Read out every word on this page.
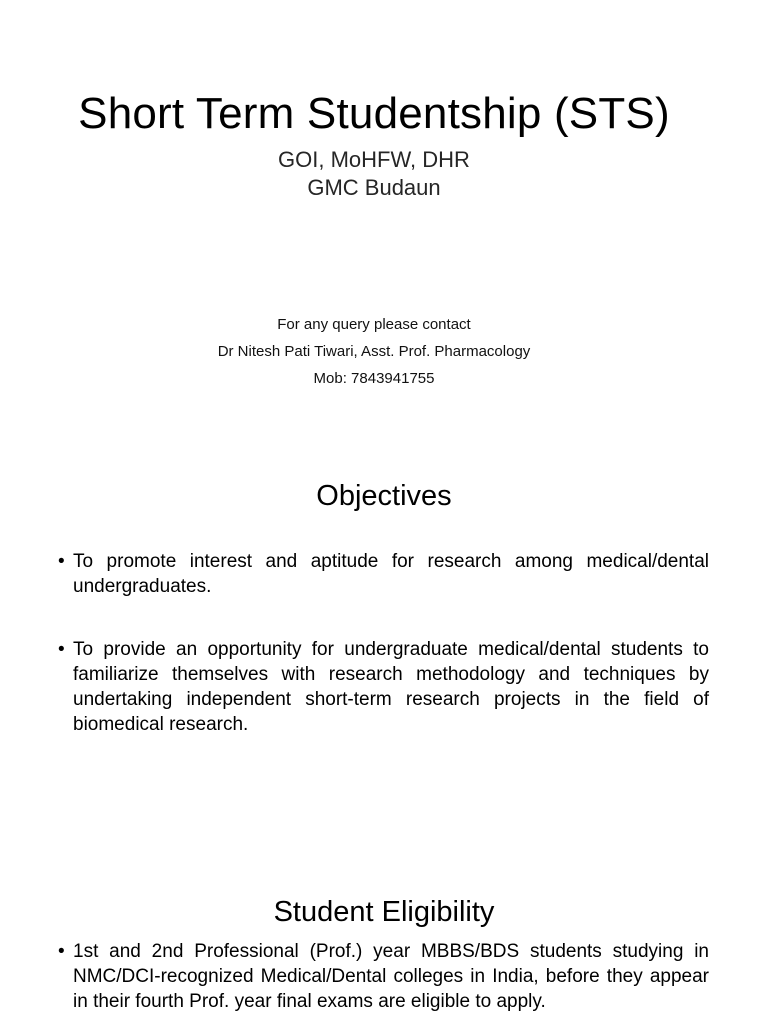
Short Term Studentship (STS)
GOI, MoHFW, DHR
GMC Budaun
For any query please contact
Dr Nitesh Pati Tiwari, Asst. Prof. Pharmacology
Mob: 7843941755
Objectives
• To promote interest and aptitude for research among medical/dental undergraduates.
• To provide an opportunity for undergraduate medical/dental students to familiarize themselves with research methodology and techniques by undertaking independent short-term research projects in the field of biomedical research.
Student Eligibility
• 1st and 2nd Professional (Prof.) year MBBS/BDS students studying in NMC/DCI-recognized Medical/Dental colleges in India, before they appear in their fourth Prof. year final exams are eligible to apply.
